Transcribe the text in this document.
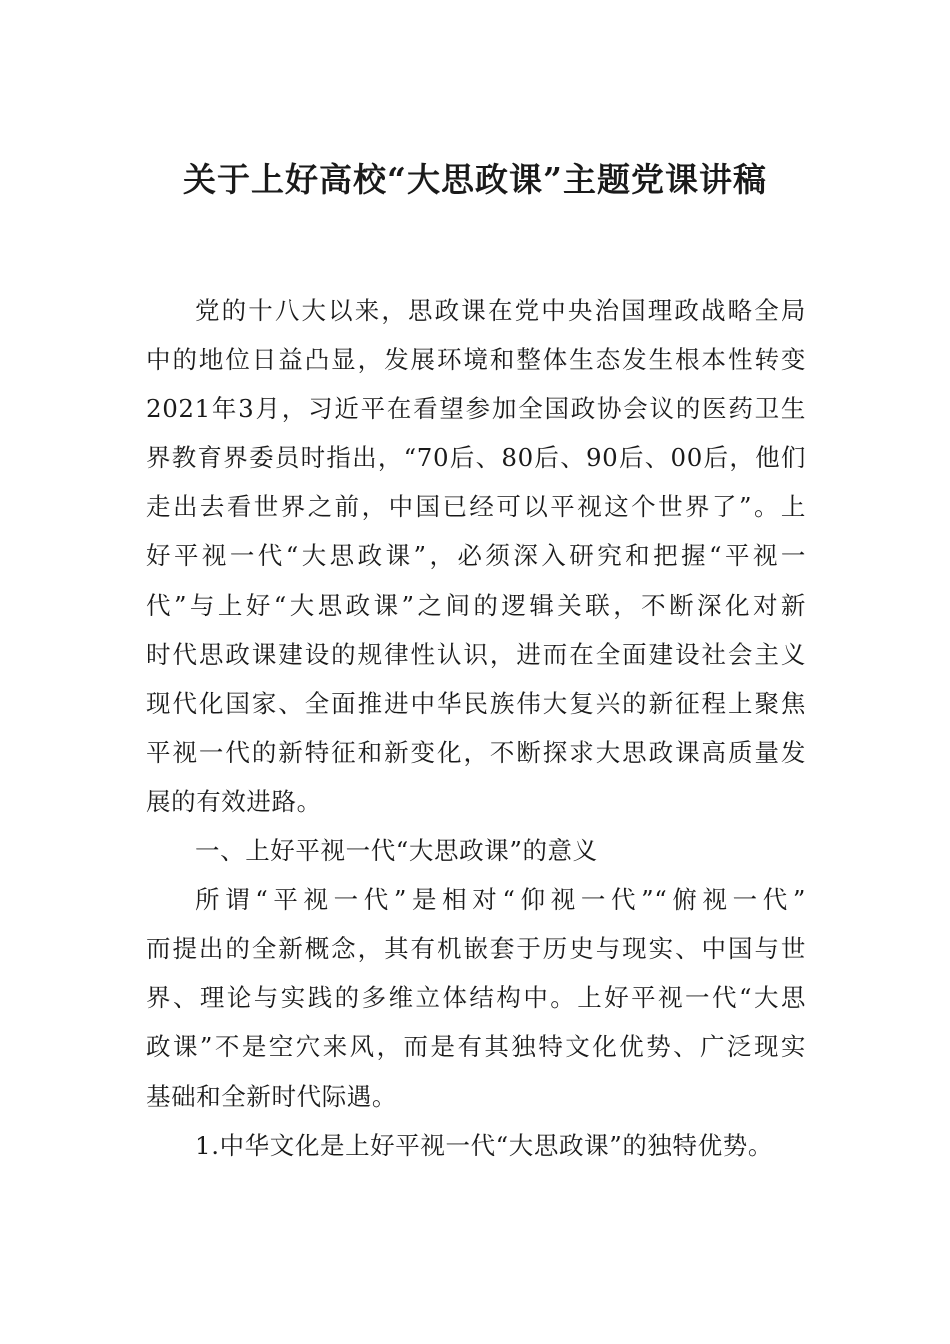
关于上好高校“大思政课”主题党课讲稿
党的十八大以来，思政课在党中央治国理政战略全局
中的地位日益凸显，发展环境和整体生态发生根本性转变
2021年3月，习近平在看望参加全国政协会议的医药卫生
界教育界委员时指出，“70后、80后、90后、00后，他们
走出去看世界之前，中国已经可以平视这个世界了”。上
好平视一代“大思政课”，必须深入研究和把握“平视一
代”与上好“大思政课”之间的逻辑关联，不断深化对新
时代思政课建设的规律性认识，进而在全面建设社会主义
现代化国家、全面推进中华民族伟大复兴的新征程上聚焦
平视一代的新特征和新变化，不断探求大思政课高质量发
展的有效进路。
一、上好平视一代“大思政课”的意义
所谓“平视一代”是相对“仰视一代”“俯视一代”
而提出的全新概念，其有机嵌套于历史与现实、中国与世
界、理论与实践的多维立体结构中。上好平视一代“大思
政课”不是空穴来风，而是有其独特文化优势、广泛现实
基础和全新时代际遇。
1.中华文化是上好平视一代“大思政课”的独特优势。
